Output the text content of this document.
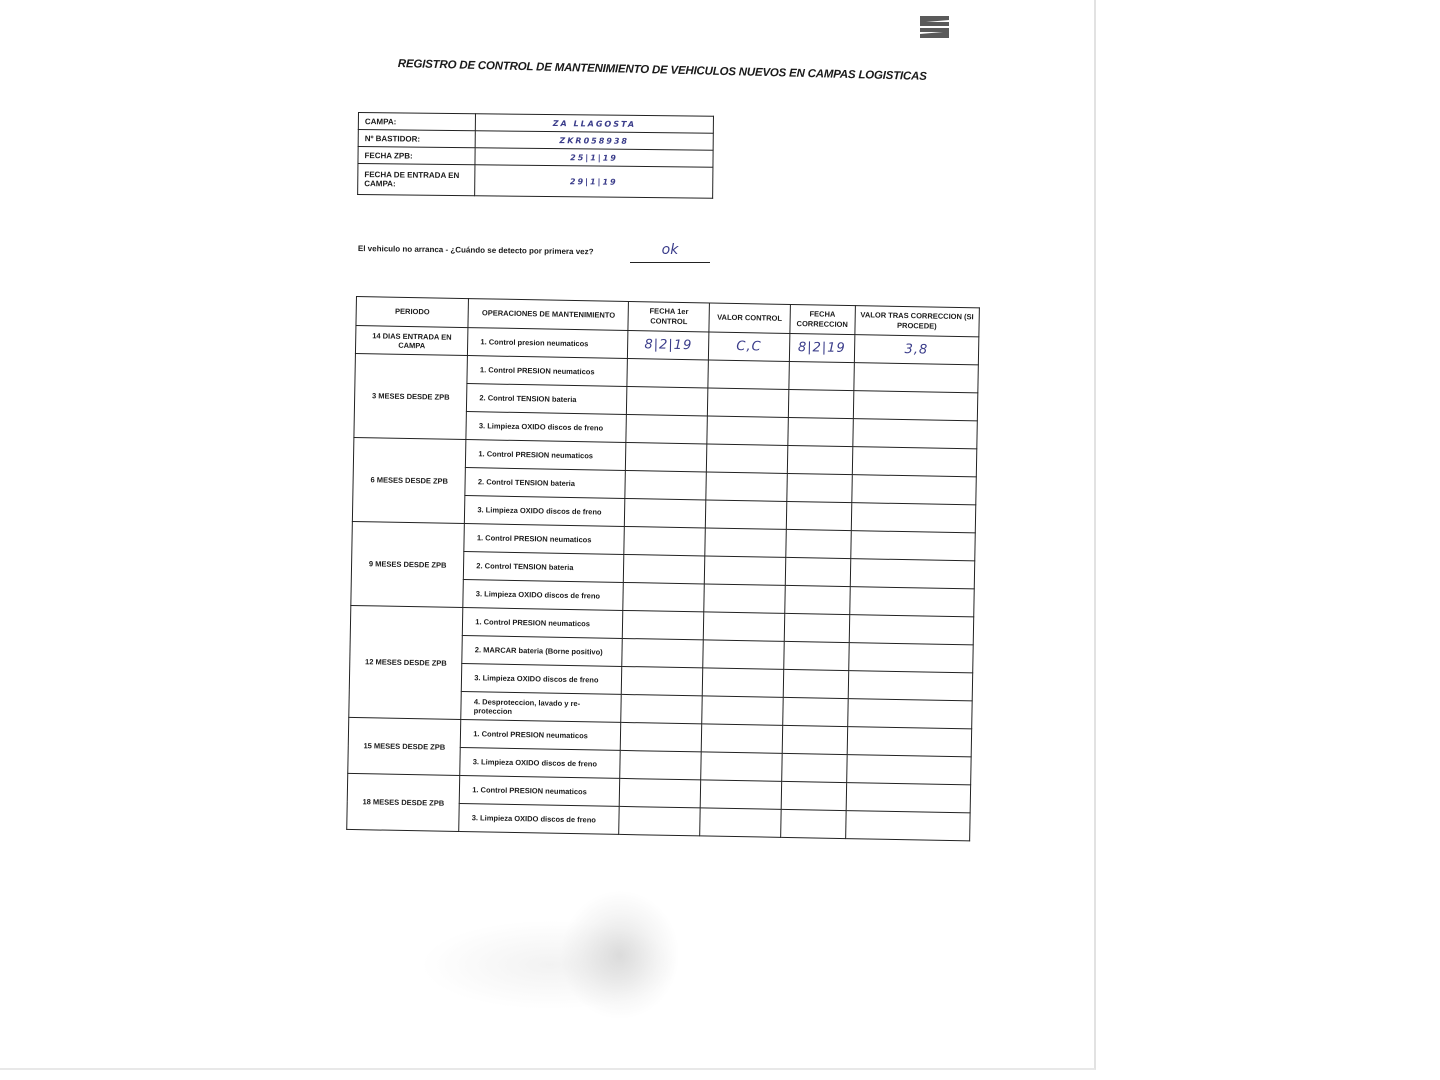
REGISTRO DE CONTROL DE MANTENIMIENTO DE VEHICULOS NUEVOS EN CAMPAS LOGISTICAS
CAMPA:	ZA LLAGOSTA
Nº BASTIDOR:	ZKR058938
FECHA ZPB:	25|1|19
FECHA DE ENTRADA EN CAMPA:	29|1|19
El vehiculo no arranca - ¿Cuándo se detecto por primera vez?	ok
PERIODO	OPERACIONES DE MANTENIMIENTO	FECHA 1er CONTROL	VALOR CONTROL	FECHA CORRECCION	VALOR TRAS CORRECCION (SI PROCEDE)
14 DIAS ENTRADA EN CAMPA	1. Control presion neumaticos	8|2|19	C,C	8|2|19	3,8
3 MESES DESDE ZPB	1. Control PRESION neumaticos				
	2. Control TENSION bateria				
	3. Limpieza OXIDO discos de freno				
6 MESES DESDE ZPB	1. Control PRESION neumaticos				
	2. Control TENSION bateria				
	3. Limpieza OXIDO discos de freno				
9 MESES DESDE ZPB	1. Control PRESION neumaticos				
	2. Control TENSION bateria				
	3. Limpieza OXIDO discos de freno				
12 MESES DESDE ZPB	1. Control PRESION neumaticos				
	2. MARCAR bateria (Borne positivo)				
	3. Limpieza OXIDO discos de freno				
	4. Desproteccion, lavado y re-proteccion				
15 MESES DESDE ZPB	1. Control PRESION neumaticos				
	3. Limpieza OXIDO discos de freno				
18 MESES DESDE ZPB	1. Control PRESION neumaticos				
	3. Limpieza OXIDO discos de freno				
